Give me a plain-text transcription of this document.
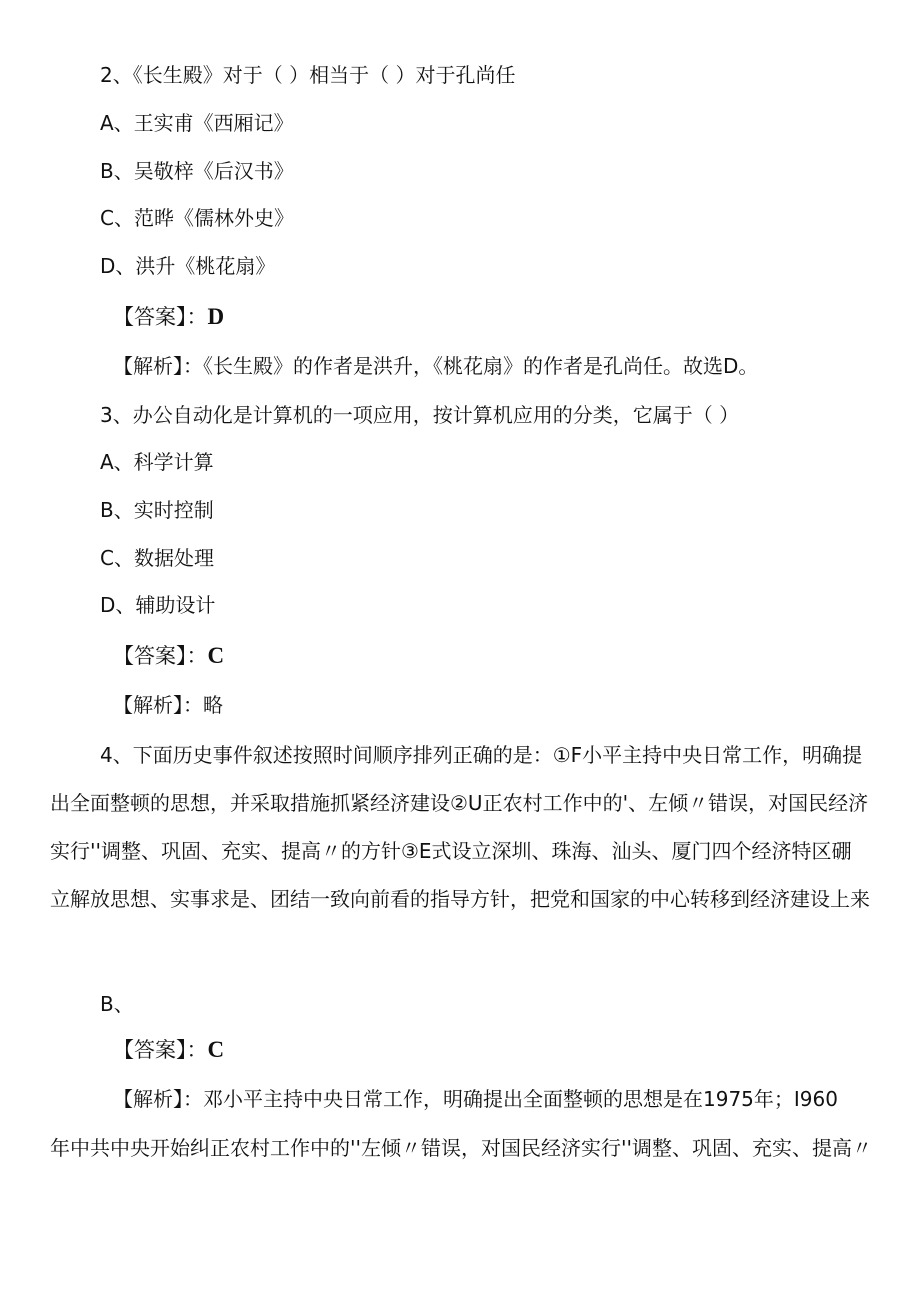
2、《长生殿》对于（ ）相当于（ ）对于孔尚任
A、王实甫《西厢记》
B、吴敬梓《后汉书》
C、范晔《儒林外史》
D、洪升《桃花扇》
【答案】：D
【解析】：《长生殿》的作者是洪升，《桃花扇》的作者是孔尚任。故选D。
3、办公自动化是计算机的一项应用，按计算机应用的分类，它属于（ ）
A、科学计算
B、实时控制
C、数据处理
D、辅助设计
【答案】：C
【解析】：略
4、下面历史事件叙述按照时间顺序排列正确的是：①F小平主持中央日常工作，明确提
出全面整顿的思想，并采取措施抓紧经济建设②U正农村工作中的'、左倾〃错误，对国民经济
实行''调整、巩固、充实、提高〃的方针③E式设立深圳、珠海、汕头、厦门四个经济特区硼
立解放思想、实事求是、团结一致向前看的指导方针，把党和国家的中心转移到经济建设上来
B、
【答案】：C
【解析】：邓小平主持中央日常工作，明确提出全面整顿的思想是在1975年；I960
年中共中央开始纠正农村工作中的''左倾〃错误，对国民经济实行''调整、巩固、充实、提高〃
